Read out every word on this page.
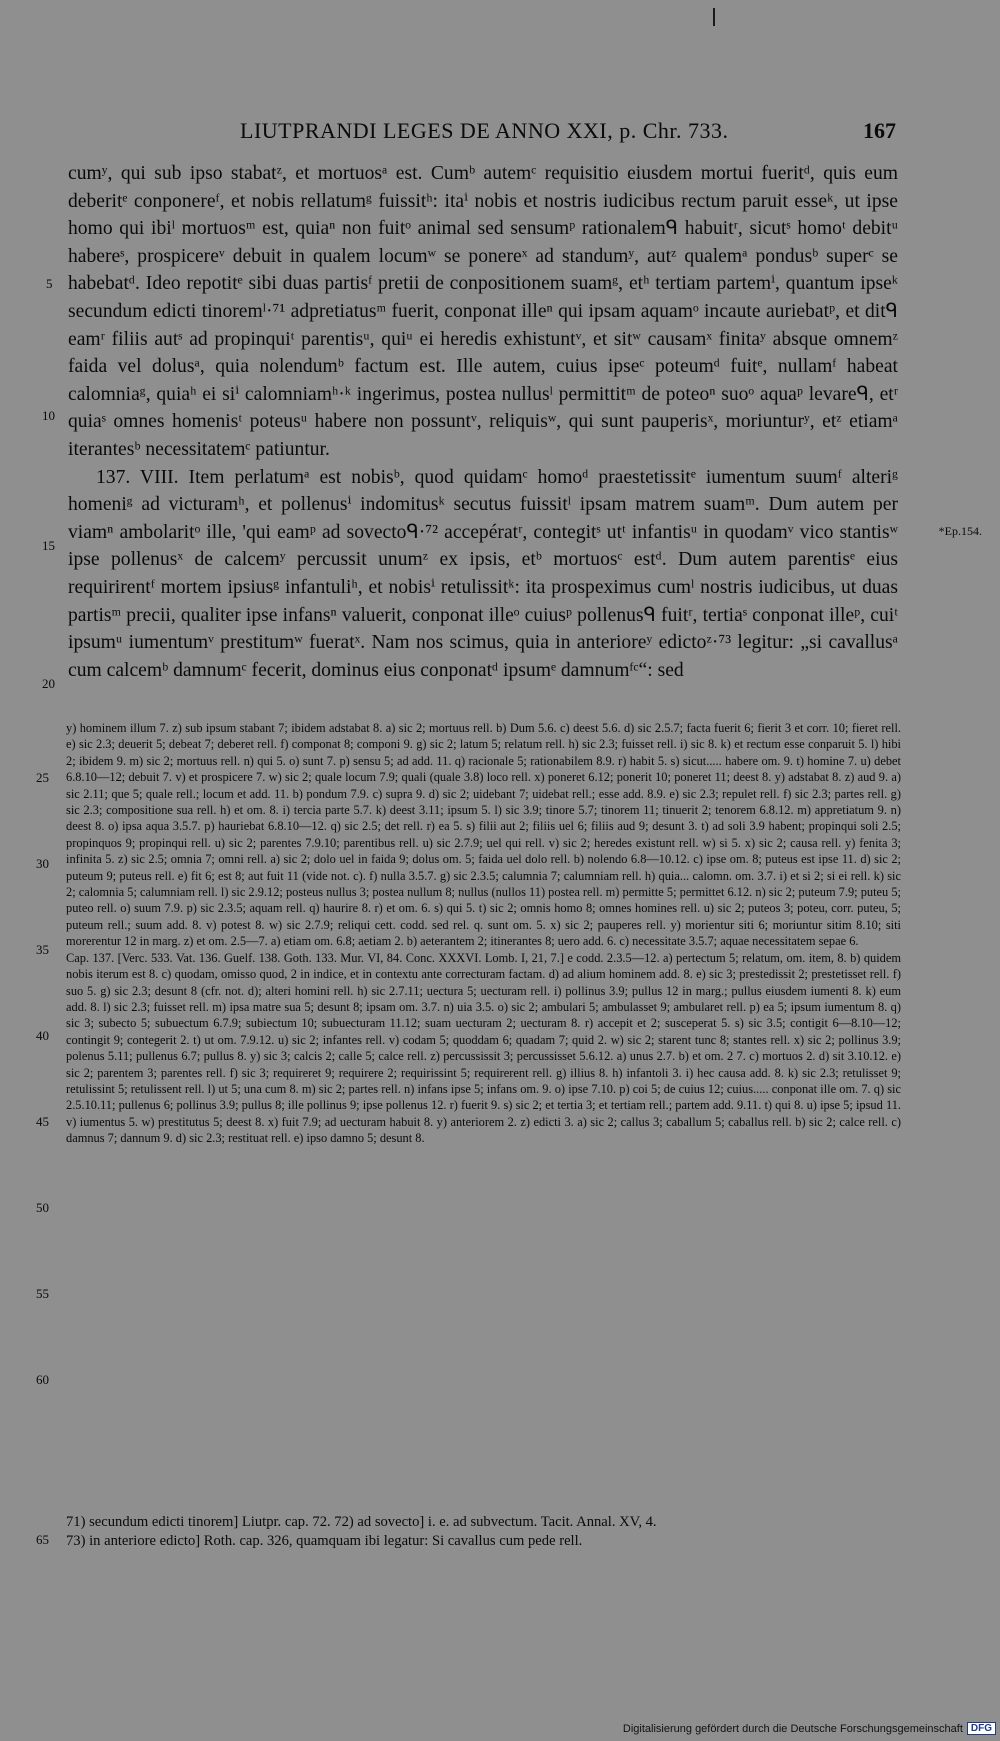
LIUTPRANDI LEGES DE ANNO XXI, p. Chr. 733.	167

cumʸ, qui sub ipso stabatᶻ, et mortuosᵃ est. Cumᵇ autemᶜ requisitio eiusdem mortui fueritᵈ, quis eum deberitᵉ conponereᶠ, et nobis rellatumᵍ fuissitʰ: itaⁱ nobis et nostris iudicibus rectum paruit esseᵏ, ut ipse homo qui ibiˡ mortuosᵐ est, quiaⁿ non fuitᵒ animal sed sensumᵖ rationalemᑫ habuitʳ, sicutˢ homoᵗ debitᵘ habereˢ, prospicereᵛ debuit in qualem locumʷ se ponereˣ ad standumʸ, autᶻ qualemᵃ pondusᵇ superᶜ se habebatᵈ. Ideo repotitᵉ sibi duas partisᶠ pretii de conpositionem suamᵍ, etʰ tertiam partemⁱ, quantum ipseᵏ secundum edicti tinoremˡ·⁷¹ adpretiatusᵐ fuerit, conponat illeⁿ qui ipsam aquamᵒ incaute auriebatᵖ, et ditᑫ eamʳ filiis autˢ ad propinquiᵗ parentisᵘ, quiᵘ ei heredis exhistuntᵛ, et sitʷ causamˣ finitaʸ absque omnemᶻ faida vel dolusᵃ, quia nolendumᵇ factum est. Ille autem, cuius ipseᶜ poteumᵈ fuitᵉ, nullamᶠ habeat calomniaᵍ, quiaʰ ei siⁱ calomniamʰ·ᵏ ingerimus, postea nullusˡ permittitᵐ de poteoⁿ suoᵒ aquaᵖ levareᑫ, etʳ quiaˢ omnes homenisᵗ poteusᵘ habere non possuntᵛ, reliquisʷ, qui sunt pauperisˣ, moriunturʸ, etᶻ etiamᵃ iterantesᵇ necessitatemᶜ patiuntur.

137. VIII. Item perlatumᵃ est nobisᵇ, quod quidamᶜ homoᵈ praestetissitᵉ iumentum suumᶠ alteriᵍ homeniᵍ ad victuramʰ, et pollenusⁱ indomitusᵏ secutus fuissitˡ ipsam matrem suamᵐ. Dum autem per viamⁿ ambolaritᵒ ille, 'qui eamᵖ ad sovectoᑫ·⁷² accepératʳ, contegitˢ utᵗ infantisᵘ in quodamᵛ vico stantisʷ ipse pollenusˣ de calcemʸ percussit unumᶻ ex ipsis, etᵇ mortuosᶜ estᵈ. Dum autem parentisᵉ eius requirirentᶠ mortem ipsiusᵍ infantuliʰ, et nobisⁱ retulissitᵏ: ita prospeximus cumˡ nostris iudicibus, ut duas partisᵐ precii, qualiter ipse infansⁿ valuerit, conponat illeᵒ cuiusᵖ pollenusᑫ fuitʳ, tertiaˢ conponat illeᵖ, cuiᵗ ipsumᵘ iumentumᵛ prestitumʷ fueratˣ. Nam nos scimus, quia in anterioreʸ edictoᶻ·⁷³ legitur: „si cavallusᵃ cum calcemᵇ damnumᶜ fecerit, dominus eius conponatᵈ ipsumᵉ damnumᶠᶜ“: sed

*Ep.154.
5
10
15
20

y) hominem illum 7. z) sub ipsum stabant 7; ibidem adstabat 8. a) sic 2; mortuus rell. b) Dum 5.6. c) deest 5.6. d) sic 2.5.7; facta fuerit 6; fierit 3 et corr. 10; fieret rell. e) sic 2.3; deuerit 5; debeat 7; deberet rell. f) componat 8; componi 9. g) sic 2; latum 5; relatum rell. h) sic 2.3; fuisset rell. i) sic 8. k) et rectum esse conparuit 5. l) hibi 2; ibidem 9. m) sic 2; mortuus rell. n) qui 5. o) sunt 7. p) sensu 5; ad add. 11. q) racionale 5; rationabilem 8.9. r) habit 5. s) sicut..... habere om. 9. t) homine 7. u) debet 6.8.10—12; debuit 7. v) et prospicere 7. w) sic 2; quale locum 7.9; quali (quale 3.8) loco rell. x) poneret 6.12; ponerit 10; poneret 11; deest 8. y) adstabat 8. z) aud 9. a) sic 2.11; que 5; quale rell.; locum et add. 11. b) pondum 7.9. c) supra 9. d) sic 2; uidebant 7; uidebat rell.; esse add. 8.9. e) sic 2.3; repulet rell. f) sic 2.3; partes rell. g) sic 2.3; compositione sua rell. h) et om. 8. i) tercia parte 5.7. k) deest 3.11; ipsum 5. l) sic 3.9; tinore 5.7; tinorem 11; tinuerit 2; tenorem 6.8.12. m) appretiatum 9. n) deest 8. o) ipsa aqua 3.5.7. p) hauriebat 6.8.10—12. q) sic 2.5; det rell. r) ea 5. s) filii aut 2; filiis uel 6; filiis aud 9; desunt 3. t) ad soli 3.9 habent; propinqui soli 2.5; propinquos 9; propinqui rell. u) sic 2; parentes 7.9.10; parentibus rell. u) sic 2.7.9; uel qui rell. v) sic 2; heredes existunt rell. w) si 5. x) sic 2; causa rell. y) fenita 3; infinita 5. z) sic 2.5; omnia 7; omni rell. a) sic 2; dolo uel in faida 9; dolus om. 5; faida uel dolo rell. b) nolendo 6.8—10.12. c) ipse om. 8; puteus est ipse 11. d) sic 2; puteum 9; puteus rell. e) fit 6; est 8; aut fuit 11 (vide not. c). f) nulla 3.5.7. g) sic 2.3.5; calumnia 7; calumniam rell. h) quia... calomn. om. 3.7. i) et si 2; si ei rell. k) sic 2; calomnia 5; calumniam rell. l) sic 2.9.12; posteus nullus 3; postea nullum 8; nullus (nullos 11) postea rell. m) permitte 5; permittet 6.12. n) sic 2; puteum 7.9; puteu 5; puteo rell. o) suum 7.9. p) sic 2.3.5; aquam rell. q) haurire 8. r) et om. 6. s) qui 5. t) sic 2; omnis homo 8; omnes homines rell. u) sic 2; puteos 3; poteu, corr. puteu, 5; puteum rell.; suum add. 8. v) potest 8. w) sic 2.7.9; reliqui cett. codd. sed rel. q. sunt om. 5. x) sic 2; pauperes rell. y) morientur siti 6; moriuntur sitim 8.10; siti morerentur 12 in marg. z) et om. 2.5—7. a) etiam om. 6.8; aetiam 2. b) aeterantem 2; itinerantes 8; uero add. 6. c) necessitate 3.5.7; aquae necessitatem sepae 6.

Cap. 137. [Verc. 533. Vat. 136. Guelf. 138. Goth. 133. Mur. VI, 84. Conc. XXXVI. Lomb. I, 21, 7.] e codd. 2.3.5—12. a) pertectum 5; relatum, om. item, 8. b) quidem nobis iterum est 8. c) quodam, omisso quod, 2 in indice, et in contextu ante correcturam factam. d) ad alium hominem add. 8. e) sic 3; prestedissit 2; prestetisset rell. f) suo 5. g) sic 2.3; desunt 8 (cfr. not. d); alteri homini rell. h) sic 2.7.11; uectura 5; uecturam rell. i) pollinus 3.9; pullus 12 in marg.; pullus eiusdem iumenti 8. k) eum add. 8. l) sic 2.3; fuisset rell. m) ipsa matre sua 5; desunt 8; ipsam om. 3.7. n) uia 3.5. o) sic 2; ambulari 5; ambulasset 9; ambularet rell. p) ea 5; ipsum iumentum 8. q) sic 3; subecto 5; subuectum 6.7.9; subiectum 10; subuecturam 11.12; suam uecturam 2; uecturam 8. r) accepit et 2; susceperat 5. s) sic 3.5; contigit 6—8.10—12; contingit 9; contegerit 2. t) ut om. 7.9.12. u) sic 2; infantes rell. v) codam 5; quoddam 6; quadam 7; quid 2. w) sic 2; starent tunc 8; stantes rell. x) sic 2; pollinus 3.9; polenus 5.11; pullenus 6.7; pullus 8. y) sic 3; calcis 2; calle 5; calce rell. z) percussissit 3; percussisset 5.6.12. a) unus 2.7. b) et om. 2 7. c) mortuos 2. d) sit 3.10.12. e) sic 2; parentem 3; parentes rell. f) sic 3; requireret 9; requirere 2; requirissint 5; requirerent rell. g) illius 8. h) infantoli 3. i) hec causa add. 8. k) sic 2.3; retulisset 9; retulissint 5; retulissent rell. l) ut 5; una cum 8. m) sic 2; partes rell. n) infans ipse 5; infans om. 9. o) ipse 7.10. p) coi 5; de cuius 12; cuius..... conponat ille om. 7. q) sic 2.5.10.11; pullenus 6; pollinus 3.9; pullus 8; ille pollinus 9; ipse pollenus 12. r) fuerit 9. s) sic 2; et tertia 3; et tertiam rell.; partem add. 9.11. t) qui 8. u) ipse 5; ipsud 11. v) iumentus 5. w) prestitutus 5; deest 8. x) fuit 7.9; ad uecturam habuit 8. y) anteriorem 2. z) edicti 3. a) sic 2; callus 3; caballum 5; caballus rell. b) sic 2; calce rell. c) damnus 7; dannum 9. d) sic 2.3; restituat rell. e) ipso damno 5; desunt 8.

25
30
35
40
45
50
55
60
65

71) secundum edicti tinorem] Liutpr. cap. 72. 72) ad sovecto] i. e. ad subvectum. Tacit. Annal. XV, 4.

73) in anteriore edicto] Roth. cap. 326, quamquam ibi legatur: Si cavallus cum pede rell.

Digitalisierung gefördert durch die Deutsche Forschungsgemeinschaft DFG
